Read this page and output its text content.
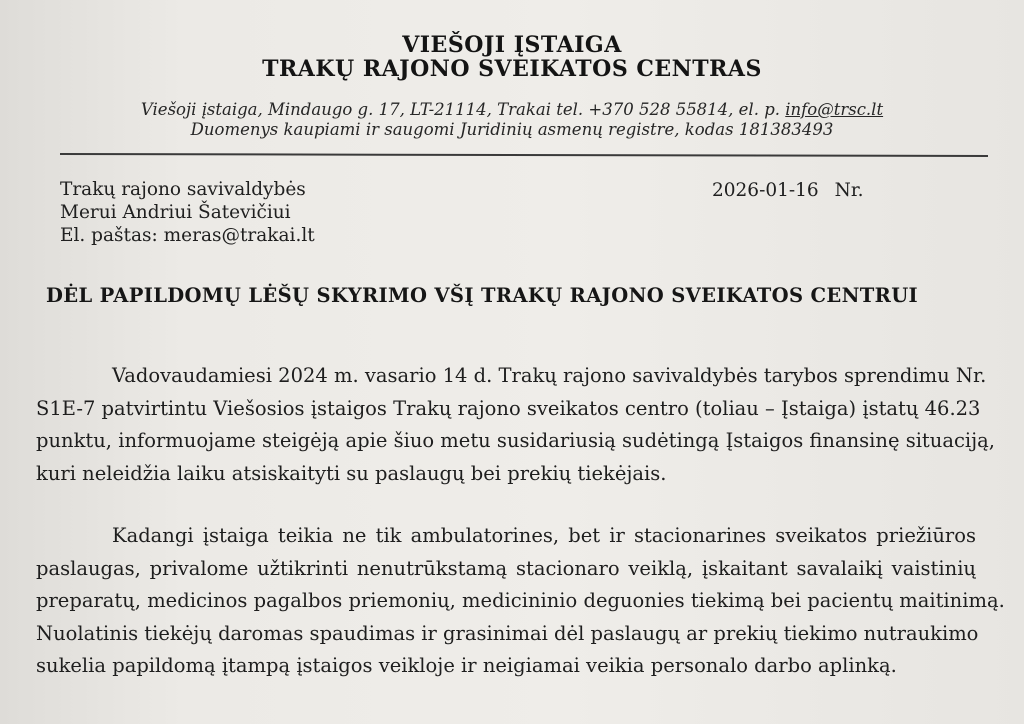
VIEŠOJI ĮSTAIGA
TRAKŲ RAJONO SVEIKATOS CENTRAS
Viešoji įstaiga, Mindaugo g. 17, LT-21114, Trakai tel. +370 528 55814, el. p. info@trsc.lt
Duomenys kaupiami ir saugomi Juridinių asmenų registre, kodas 181383493
Trakų rajono savivaldybės
Merui Andriui Šatevičiui
El. paštas: meras@trakai.lt
2026-01-16 Nr.
DĖL PAPILDOMŲ LĖŠŲ SKYRIMO VŠĮ TRAKŲ RAJONO SVEIKATOS CENTRUI
Vadovaudamiesi 2024 m. vasario 14 d. Trakų rajono savivaldybės tarybos sprendimu Nr.
S1E-7 patvirtintu Viešosios įstaigos Trakų rajono sveikatos centro (toliau – Įstaiga) įstatų 46.23
punktu, informuojame steigėją apie šiuo metu susidariusią sudėtingą Įstaigos finansinę situaciją,
kuri neleidžia laiku atsiskaityti su paslaugų bei prekių tiekėjais.
Kadangi įstaiga teikia ne tik ambulatorines, bet ir stacionarines sveikatos priežiūros
paslaugas, privalome užtikrinti nenutrūkstamą stacionaro veiklą, įskaitant savalaikį vaistinių
preparatų, medicinos pagalbos priemonių, medicininio deguonies tiekimą bei pacientų maitinimą.
Nuolatinis tiekėjų daromas spaudimas ir grasinimai dėl paslaugų ar prekių tiekimo nutraukimo
sukelia papildomą įtampą įstaigos veikloje ir neigiamai veikia personalo darbo aplinką.
